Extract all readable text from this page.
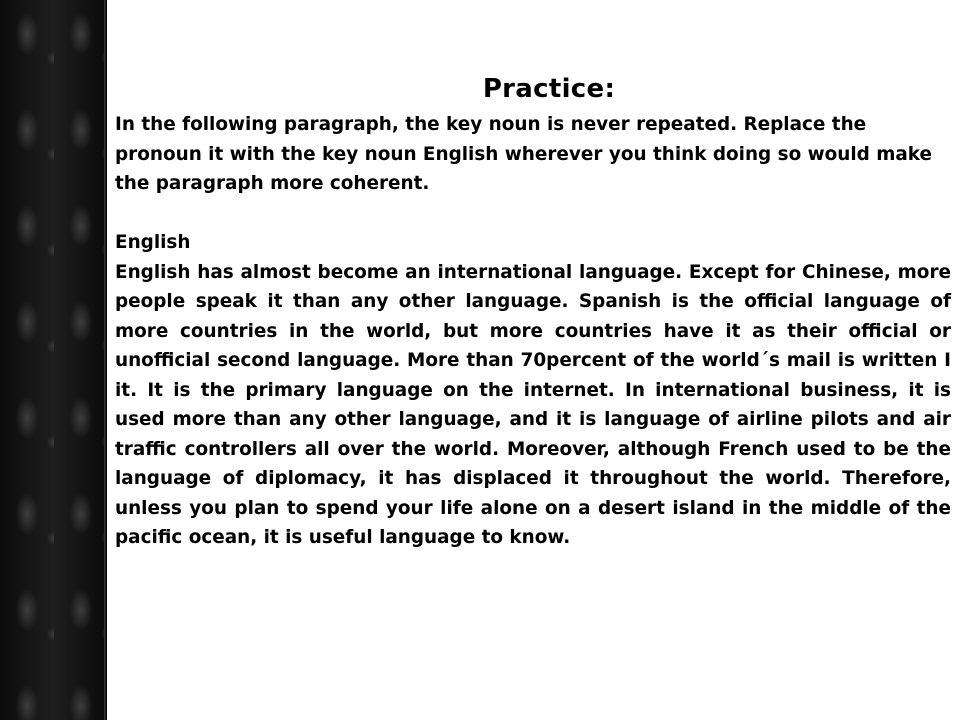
Practice:

In the following paragraph, the key noun is never repeated. Replace the pronoun it with the key noun English wherever you think doing so would make the paragraph more coherent.

English

English has almost become an international language. Except for Chinese, more people speak it than any other language. Spanish is the official language of more countries in the world, but more countries have it as their official or unofficial second language. More than 70percent of the world´s mail is written I it. It is the primary language on the internet. In international business, it is used more than any other language, and it is language of airline pilots and air traffic controllers all over the world. Moreover, although French used to be the language of diplomacy, it has displaced it throughout the world. Therefore, unless you plan to spend your life alone on a desert island in the middle of the pacific ocean, it is useful language to know.
